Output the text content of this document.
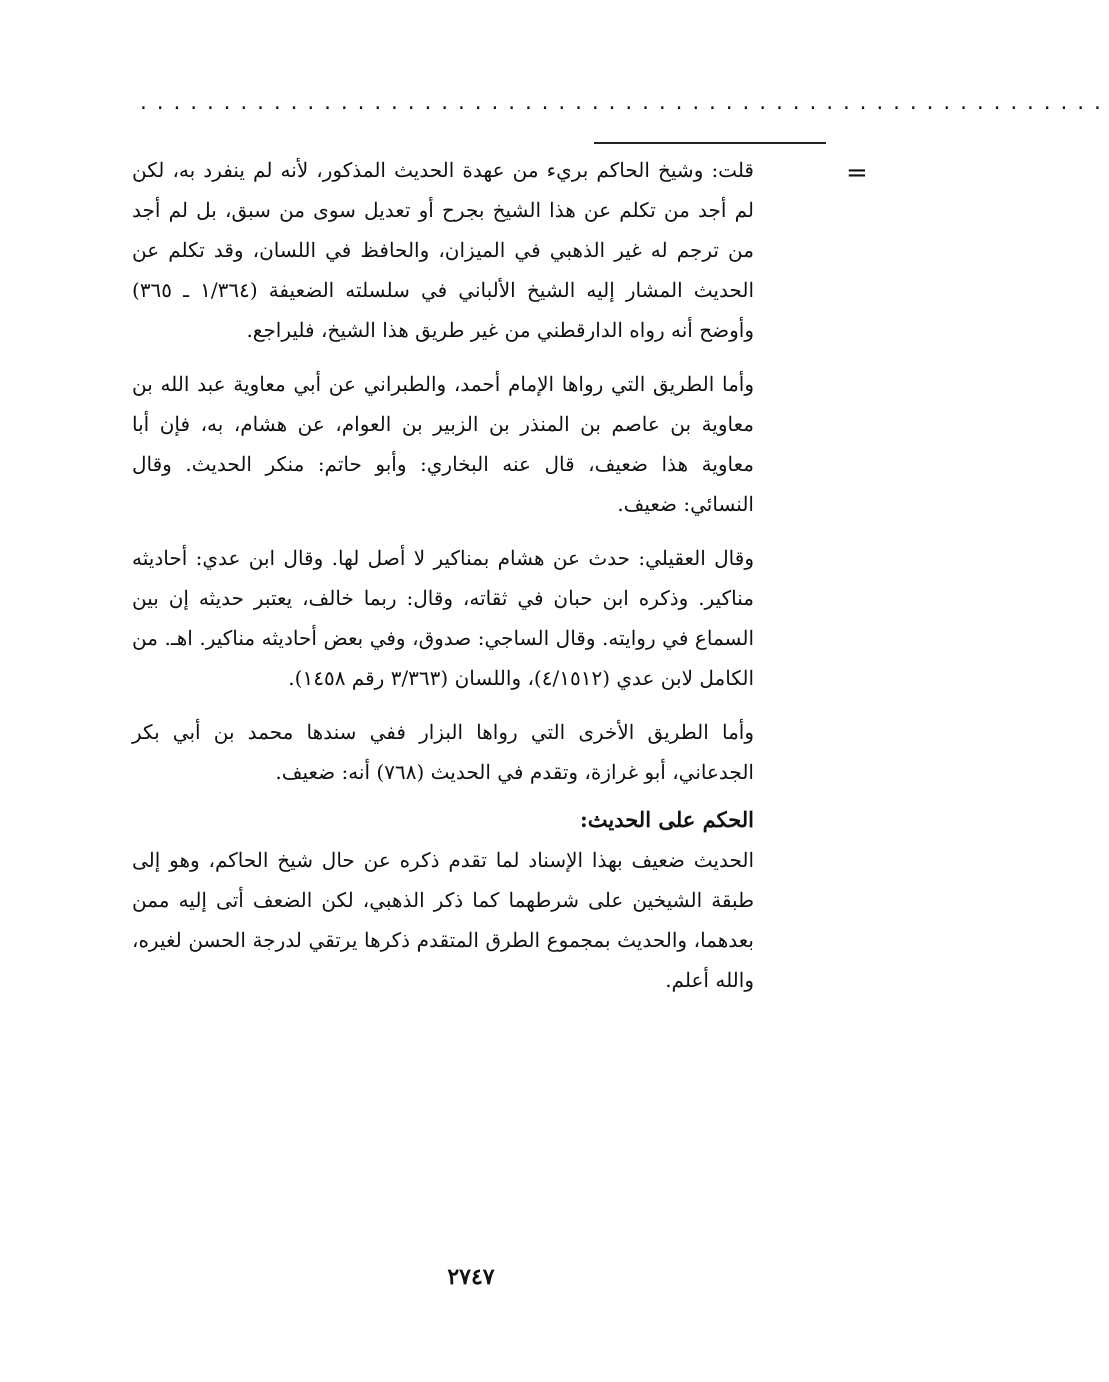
..........................................................
=

قلت: وشيخ الحاكم بريء من عهدة الحديث المذكور، لأنه لم ينفرد به، لكن لم أجد من تكلم عن هذا الشيخ بجرح أو تعديل سوى من سبق، بل لم أجد من ترجم له غير الذهبي في الميزان، والحافظ في اللسان، وقد تكلم عن الحديث المشار إليه الشيخ الألباني في سلسلته الضعيفة (١/٣٦٤ ـ ٣٦٥) وأوضح أنه رواه الدارقطني من غير طريق هذا الشيخ، فليراجع.

وأما الطريق التي رواها الإمام أحمد، والطبراني عن أبي معاوية عبد الله بن معاوية بن عاصم بن المنذر بن الزبير بن العوام، عن هشام، به، فإن أبا معاوية هذا ضعيف، قال عنه البخاري: وأبو حاتم: منكر الحديث. وقال النسائي: ضعيف.

وقال العقيلي: حدث عن هشام بمناكير لا أصل لها. وقال ابن عدي: أحاديثه مناكير. وذكره ابن حبان في ثقاته، وقال: ربما خالف، يعتبر حديثه إن بين السماع في روايته. وقال الساجي: صدوق، وفي بعض أحاديثه مناكير. اهـ. من الكامل لابن عدي (٤/١٥١٢)، واللسان (٣/٣٦٣ رقم ١٤٥٨).

وأما الطريق الأخرى التي رواها البزار ففي سندها محمد بن أبي بكر الجدعاني، أبو غرازة، وتقدم في الحديث (٧٦٨) أنه: ضعيف.

الحكم على الحديث:

الحديث ضعيف بهذا الإسناد لما تقدم ذكره عن حال شيخ الحاكم، وهو إلى طبقة الشيخين على شرطهما كما ذكر الذهبي، لكن الضعف أتى إليه ممن بعدهما، والحديث بمجموع الطرق المتقدم ذكرها يرتقي لدرجة الحسن لغيره، والله أعلم.

٢٧٤٧
